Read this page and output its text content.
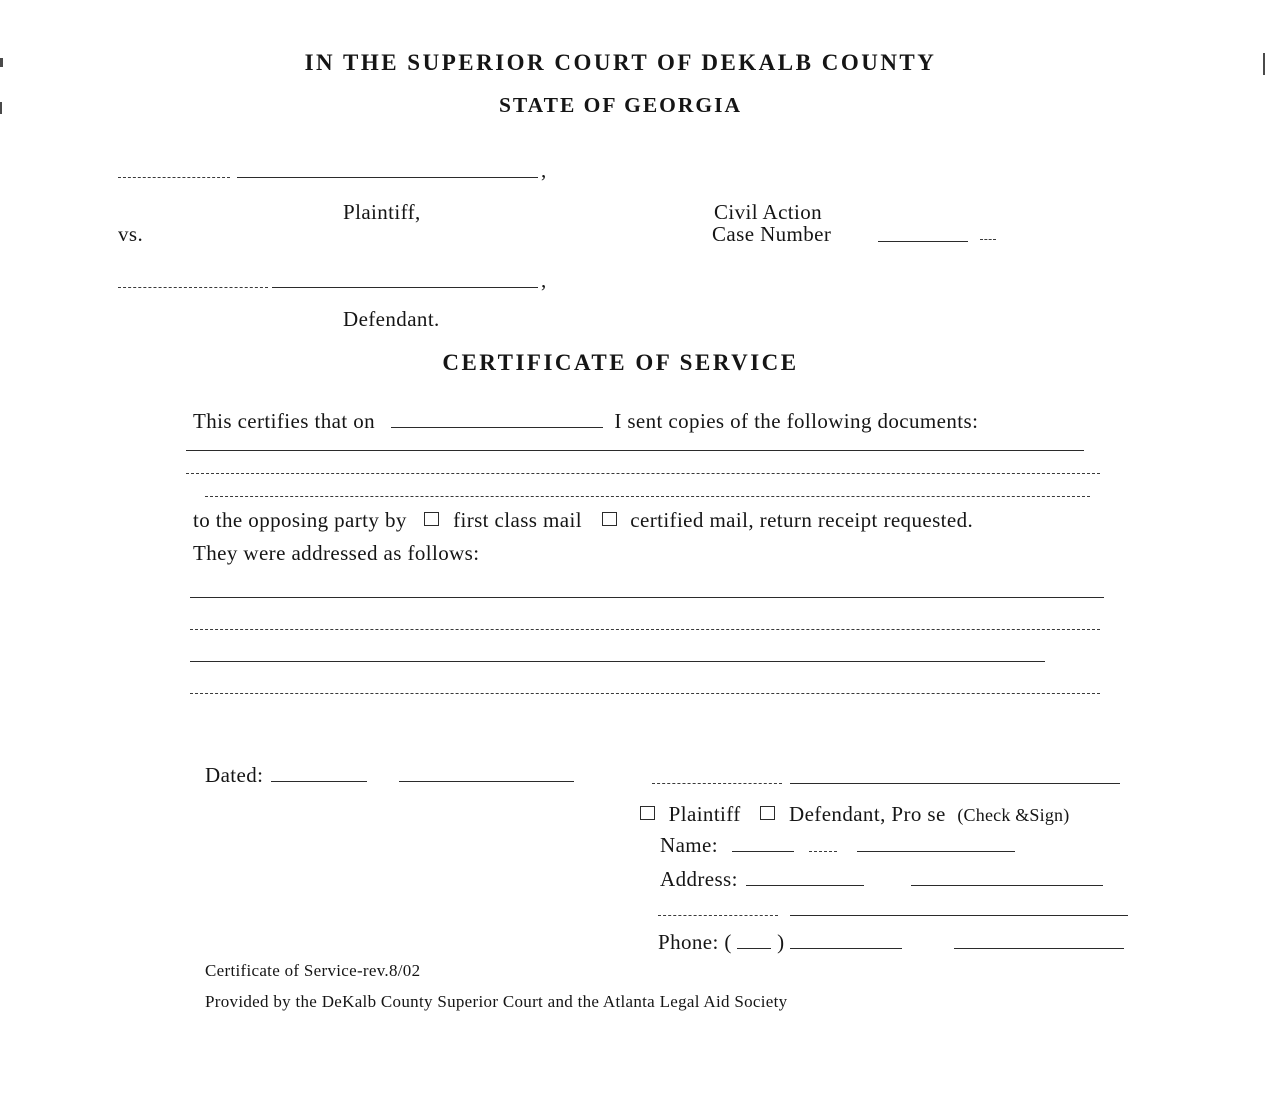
IN THE SUPERIOR COURT OF DEKALB COUNTY
STATE OF GEORGIA
,
Plaintiff,	Civil Action
vs.	Case Number
,
Defendant.
CERTIFICATE OF SERVICE
This certifies that on	I sent copies of the following documents:
to the opposing party by first class mail certified mail, return receipt requested.
They were addressed as follows:
Dated:
Plaintiff Defendant, Pro se (Check &Sign)
Name:
Address:
Phone: ( )
Certificate of Service-rev.8/02
Provided by the DeKalb County Superior Court and the Atlanta Legal Aid Society
